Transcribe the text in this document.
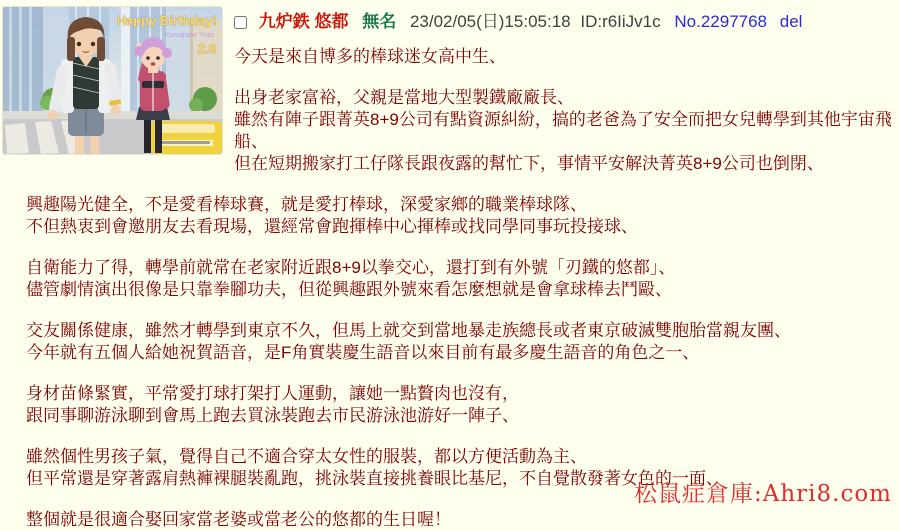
Happy Birthday!
Kurogane Yuto
2.8
九炉鉄 悠都 無名 23/02/05(日)15:05:18 ID:r6IiJv1c No.2297768 del

今天是來自博多的棒球迷女高中生、

出身老家富裕，父親是當地大型製鐵廠廠長、
雖然有陣子跟菁英8+9公司有點資源糾紛，搞的老爸為了安全而把女兒轉學到其他宇宙飛船、
但在短期搬家打工仔隊長跟夜露的幫忙下，事情平安解決菁英8+9公司也倒閉、

興趣陽光健全，不是愛看棒球賽，就是愛打棒球，深愛家鄉的職業棒球隊、
不但熱衷到會邀朋友去看現場，還經常會跑揮棒中心揮棒或找同學同事玩投接球、

自衛能力了得，轉學前就常在老家附近跟8+9以拳交心，還打到有外號「刃鐵的悠都」、
儘管劇情演出很像是只靠拳腳功夫，但從興趣跟外號來看怎麼想就是會拿球棒去鬥毆、

交友關係健康，雖然才轉學到東京不久，但馬上就交到當地暴走族總長或者東京破滅雙胞胎當親友團、
今年就有五個人給她祝賀語音，是F角實裝慶生語音以來目前有最多慶生語音的角色之一、

身材苗條緊實，平常愛打球打架打人運動，讓她一點贅肉也沒有，
跟同事聊游泳聊到會馬上跑去買泳裝跑去市民游泳池游好一陣子、

雖然個性男孩子氣，覺得自己不適合穿太女性的服裝，都以方便活動為主、
但平常還是穿著露肩熱褲裸腿裝亂跑，挑泳裝直接挑養眼比基尼，不自覺散發著女色的一面、

整個就是很適合娶回家當老婆或當老公的悠都的生日喔！

松鼠症倉庫:Ahri8.com
